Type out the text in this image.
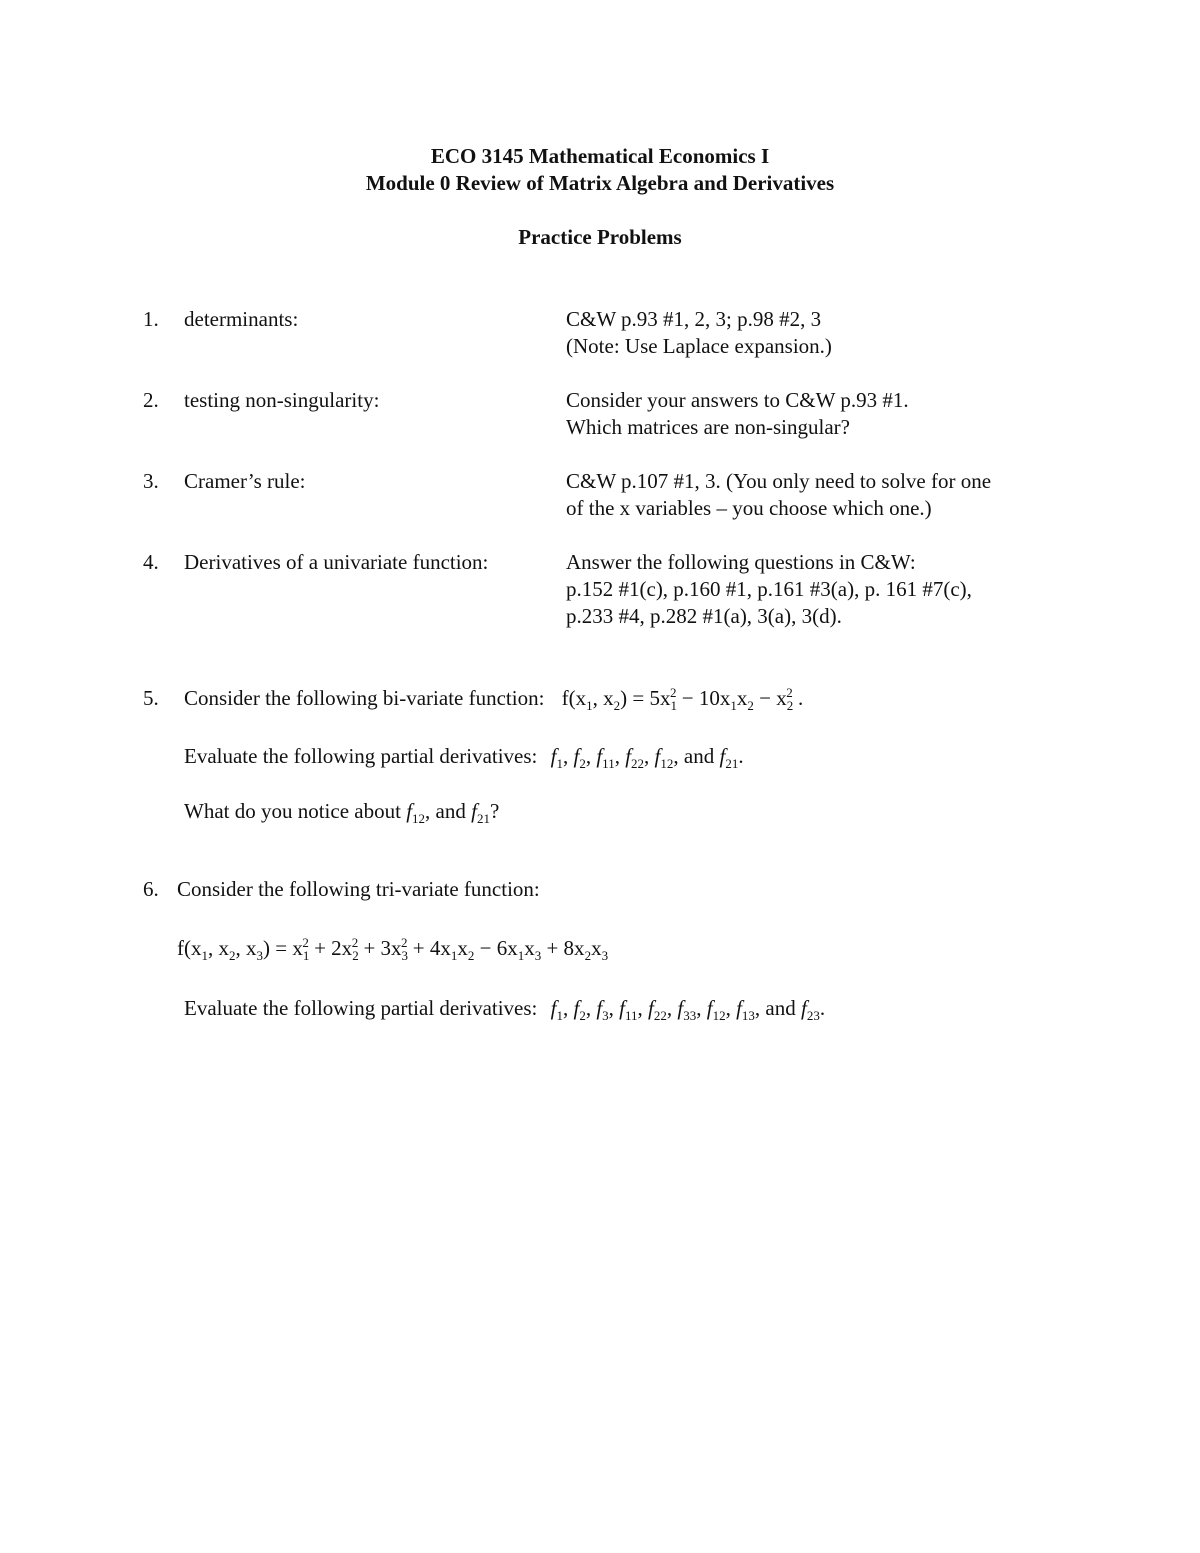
ECO 3145 Mathematical Economics I
Module 0 Review of Matrix Algebra and Derivatives
Practice Problems
1. determinants:	C&W p.93 #1, 2, 3; p.98 #2, 3
(Note: Use Laplace expansion.)
2. testing non-singularity:	Consider your answers to C&W p.93 #1.
Which matrices are non-singular?
3. Cramer’s rule:	C&W p.107 #1, 3. (You only need to solve for one
of the x variables – you choose which one.)
4. Derivatives of a univariate function:	Answer the following questions in C&W:
p.152 #1(c), p.160 #1, p.161 #3(a), p. 161 #7(c),
p.233 #4, p.282 #1(a), 3(a), 3(d).
5. Consider the following bi-variate function: $f(x_1$, $x_2) = 5x_1^2 - 10x_1x_2 - x_2^2$ .
Evaluate the following partial derivatives: $f_1$, $f_2$, $f_{11}$, $f_{22}$, $f_{12}$, and $f_{21}$.
What do you notice about $f_{12}$, and $f_{21}$?
6. Consider the following tri-variate function:
$f(x_1$, $x_2$, $x_3) = x_1^2 + 2x_2^2 + 3x_3^2 + 4x_1x_2 - 6x_1x_3 + 8x_2x_3$
Evaluate the following partial derivatives: $f_1$, $f_2$, $f_3$, $f_{11}$, $f_{22}$, $f_{33}$, $f_{12}$, $f_{13}$, and $f_{23}$.
